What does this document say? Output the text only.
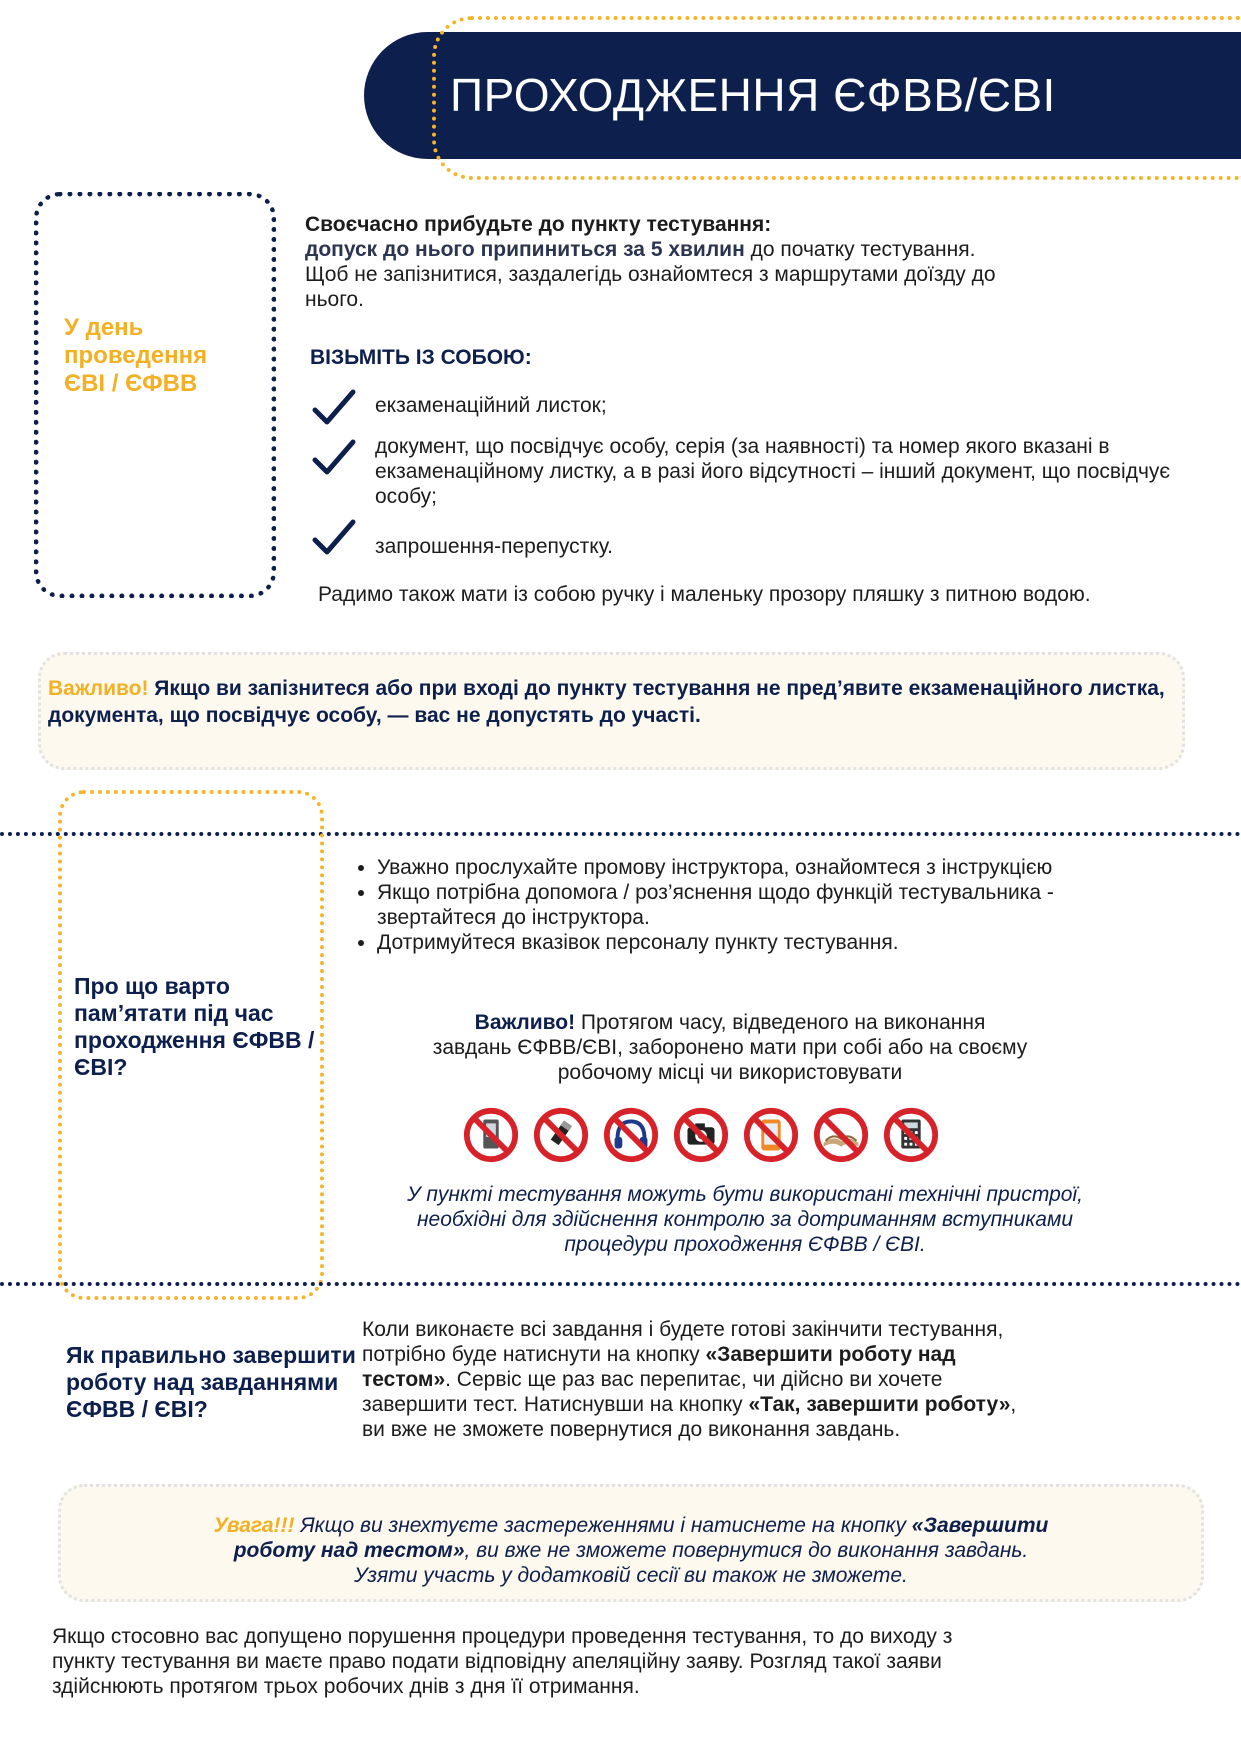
ПРОХОДЖЕННЯ ЄФВВ/ЄВІ
У день проведення ЄВІ / ЄФВВ
Своєчасно прибудьте до пункту тестування:
допуск до нього припиниться за 5 хвилин до початку тестування.
Щоб не запізнитися, заздалегідь ознайомтеся з маршрутами доїзду до
нього.
ВІЗЬМІТЬ ІЗ СОБОЮ:
екзаменаційний листок;
документ, що посвідчує особу, серія (за наявності) та номер якого вказані в екзаменаційному листку, а в разі його відсутності – інший документ, що посвідчує особу;
запрошення-перепустку.
Радимо також мати із собою ручку і маленьку прозору пляшку з питною водою.
Важливо! Якщо ви запізнитеся або при вході до пункту тестування не пред’явите екзаменаційного листка, документа, що посвідчує особу, — вас не допустять до участі.
Про що варто пам’ятати під час проходження ЄФВВ / ЄВІ?
• Уважно прослухайте промову інструктора, ознайомтеся з інструкцією
• Якщо потрібна допомога / роз’яснення щодо функцій тестувальника - звертайтеся до інструктора.
• Дотримуйтеся вказівок персоналу пункту тестування.
Важливо! Протягом часу, відведеного на виконання
завдань ЄФВВ/ЄВІ, заборонено мати при собі або на своєму
робочому місці чи використовувати
У пункті тестування можуть бути використані технічні пристрої,
необхідні для здійснення контролю за дотриманням вступниками
процедури проходження ЄФВВ / ЄВІ.
Як правильно завершити роботу над завданнями ЄФВВ / ЄВІ?
Коли виконаєте всі завдання і будете готові закінчити тестування,
потрібно буде натиснути на кнопку «Завершити роботу над
тестом». Сервіс ще раз вас перепитає, чи дійсно ви хочете
завершити тест. Натиснувши на кнопку «Так, завершити роботу»,
ви вже не зможете повернутися до виконання завдань.
Увага!!! Якщо ви знехтуєте застереженнями і натиснете на кнопку «Завершити
роботу над тестом», ви вже не зможете повернутися до виконання завдань.
Узяти участь у додатковій сесії ви також не зможете.
Якщо стосовно вас допущено порушення процедури проведення тестування, то до виходу з
пункту тестування ви маєте право подати відповідну апеляційну заяву. Розгляд такої заяви
здійснюють протягом трьох робочих днів з дня її отримання.
